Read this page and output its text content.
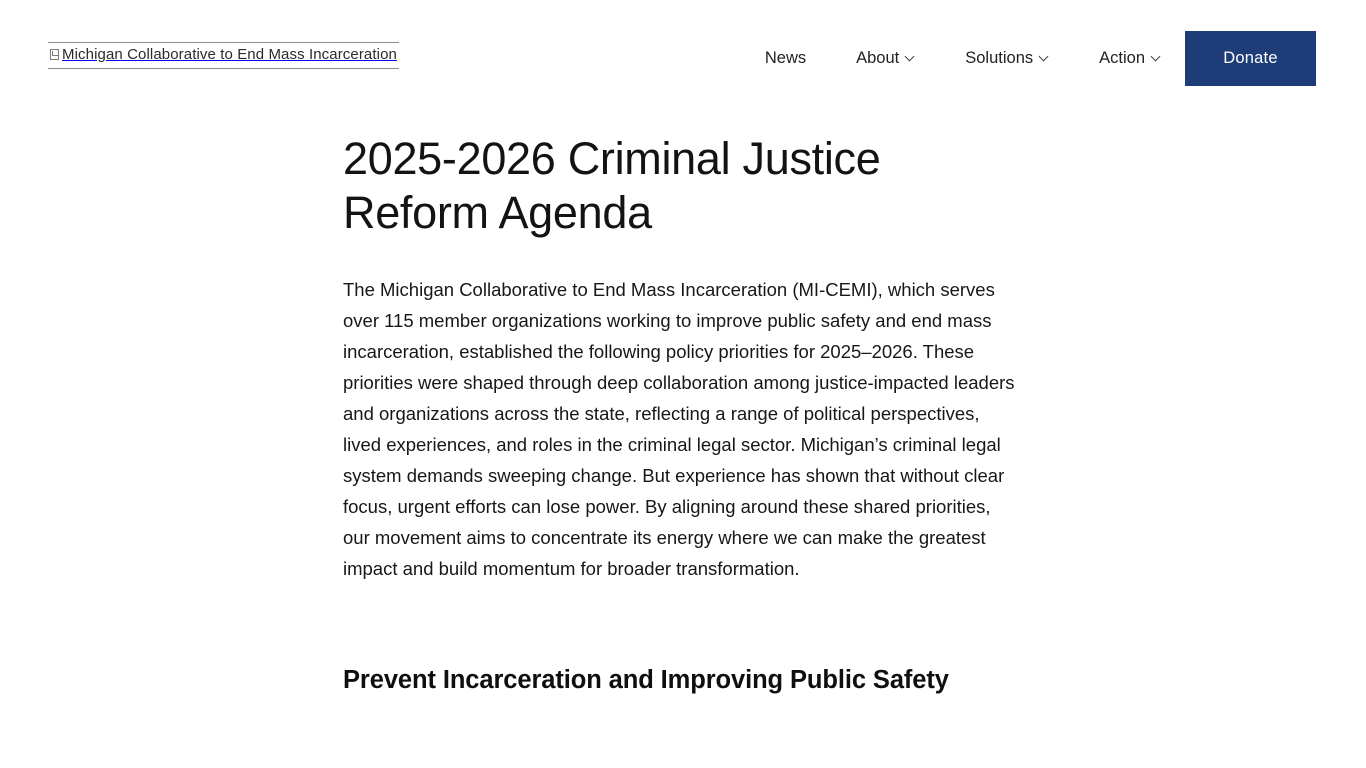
Michigan Collaborative to End Mass Incarceration	News	About	Solutions	Action	Donate
2025-2026 Criminal Justice Reform Agenda

The Michigan Collaborative to End Mass Incarceration (MI-CEMI), which serves over 115 member organizations working to improve public safety and end mass incarceration, established the following policy priorities for 2025–2026. These priorities were shaped through deep collaboration among justice-impacted leaders and organizations across the state, reflecting a range of political perspectives, lived experiences, and roles in the criminal legal sector. Michigan’s criminal legal system demands sweeping change. But experience has shown that without clear focus, urgent efforts can lose power. By aligning around these shared priorities, our movement aims to concentrate its energy where we can make the greatest impact and build momentum for broader transformation.

Prevent Incarceration and Improving Public Safety
